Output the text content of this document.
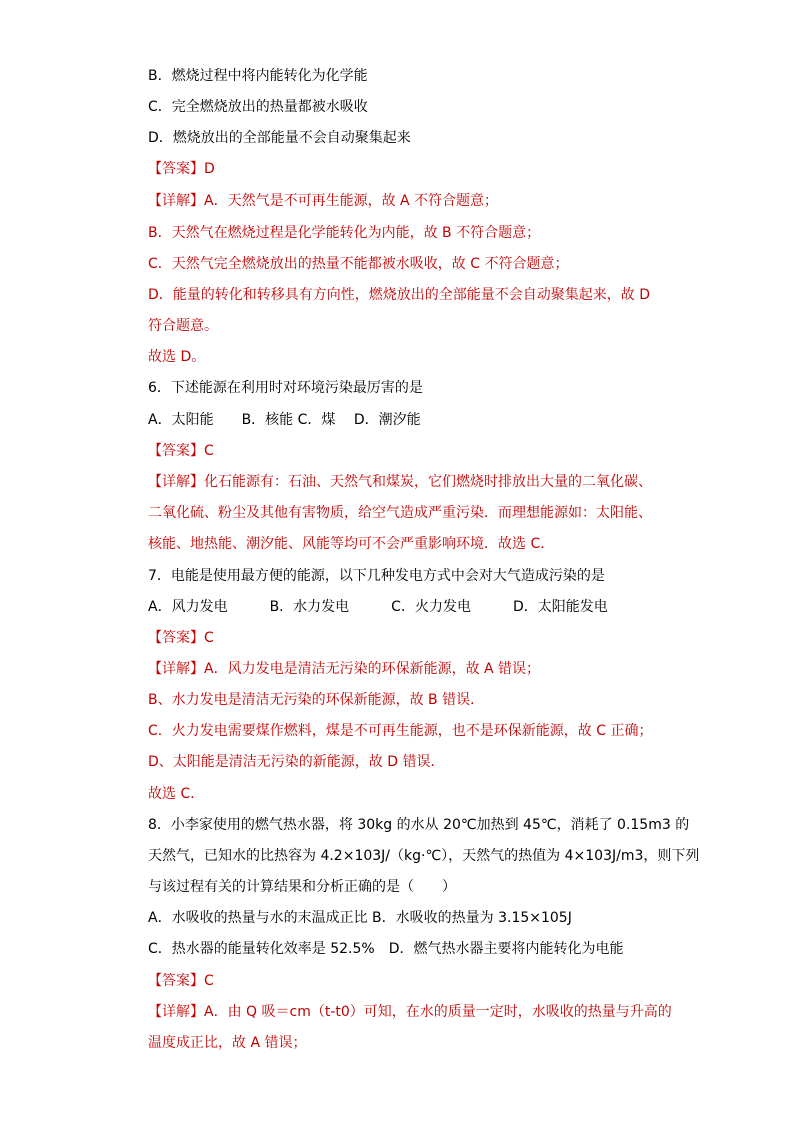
B．燃烧过程中将内能转化为化学能
C．完全燃烧放出的热量都被水吸收
D．燃烧放出的全部能量不会自动聚集起来
【答案】D
【详解】A．天然气是不可再生能源，故 A 不符合题意；
B．天然气在燃烧过程是化学能转化为内能，故 B 不符合题意；
C．天然气完全燃烧放出的热量不能都被水吸收，故 C 不符合题意；
D．能量的转化和转移具有方向性，燃烧放出的全部能量不会自动聚集起来，故 D
符合题意。
故选 D。
6．下述能源在利用时对环境污染最厉害的是
A．太阳能　　B．核能 C．煤　 D．潮汐能
【答案】C
【详解】化石能源有：石油、天然气和煤炭，它们燃烧时排放出大量的二氧化碳、
二氧化硫、粉尘及其他有害物质，给空气造成严重污染．而理想能源如：太阳能、
核能、地热能、潮汐能、风能等均可不会严重影响环境．故选 C.
7．电能是使用最方便的能源，以下几种发电方式中会对大气造成污染的是
A．风力发电　　　B．水力发电　　　C．火力发电　　　D．太阳能发电
【答案】C
【详解】A．风力发电是清洁无污染的环保新能源，故 A 错误；
B、水力发电是清洁无污染的环保新能源，故 B 错误．
C．火力发电需要煤作燃料，煤是不可再生能源，也不是环保新能源，故 C 正确；
D、太阳能是清洁无污染的新能源，故 D 错误．
故选 C．
8．小李家使用的燃气热水器，将 30kg 的水从 20℃加热到 45℃，消耗了 0.15m3 的
天然气，已知水的比热容为 4.2×103J/（kg·℃），天然气的热值为 4×103J/m3，则下列
与该过程有关的计算结果和分析正确的是（　　）
A．水吸收的热量与水的末温成正比 B．水吸收的热量为 3.15×105J
C．热水器的能量转化效率是 52.5%　D．燃气热水器主要将内能转化为电能
【答案】C
【详解】A．由 Q 吸＝cm（t-t0）可知，在水的质量一定时，水吸收的热量与升高的
温度成正比，故 A 错误；
